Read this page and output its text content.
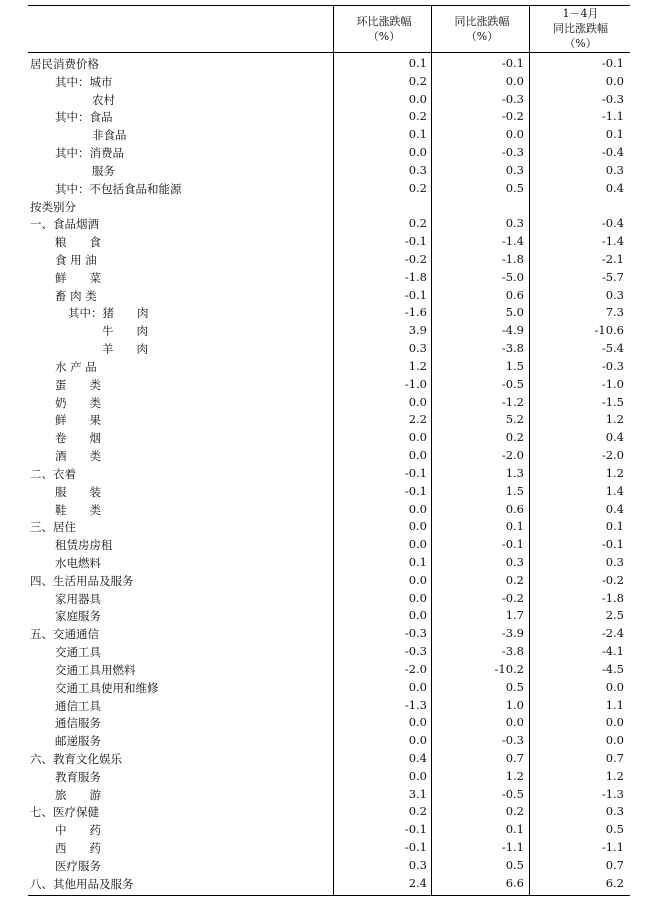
环比涨跌幅
（%）
同比涨跌幅
（%）
1－4月
同比涨跌幅
（%）
居民消费价格	0.1	-0.1	-0.1
其中：城市	0.2	0.0	0.0
农村	0.0	-0.3	-0.3
其中：食品	0.2	-0.2	-1.1
非食品	0.1	0.0	0.1
其中：消费品	0.0	-0.3	-0.4
服务	0.3	0.3	0.3
其中：不包括食品和能源	0.2	0.5	0.4
按类别分
一、食品烟酒	0.2	0.3	-0.4
粮　　食	-0.1	-1.4	-1.4
食 用 油	-0.2	-1.8	-2.1
鲜　　菜	-1.8	-5.0	-5.7
畜 肉 类	-0.1	0.6	0.3
其中：猪　　肉	-1.6	5.0	7.3
牛　　肉	3.9	-4.9	-10.6
羊　　肉	0.3	-3.8	-5.4
水 产 品	1.2	1.5	-0.3
蛋　　类	-1.0	-0.5	-1.0
奶　　类	0.0	-1.2	-1.5
鲜　　果	2.2	5.2	1.2
卷　　烟	0.0	0.2	0.4
酒　　类	0.0	-2.0	-2.0
二、衣着	-0.1	1.3	1.2
服　　装	-0.1	1.5	1.4
鞋　　类	0.0	0.6	0.4
三、居住	0.0	0.1	0.1
租赁房房租	0.0	-0.1	-0.1
水电燃料	0.1	0.3	0.3
四、生活用品及服务	0.0	0.2	-0.2
家用器具	0.0	-0.2	-1.8
家庭服务	0.0	1.7	2.5
五、交通通信	-0.3	-3.9	-2.4
交通工具	-0.3	-3.8	-4.1
交通工具用燃料	-2.0	-10.2	-4.5
交通工具使用和维修	0.0	0.5	0.0
通信工具	-1.3	1.0	1.1
通信服务	0.0	0.0	0.0
邮递服务	0.0	-0.3	0.0
六、教育文化娱乐	0.4	0.7	0.7
教育服务	0.0	1.2	1.2
旅　　游	3.1	-0.5	-1.3
七、医疗保健	0.2	0.2	0.3
中　　药	-0.1	0.1	0.5
西　　药	-0.1	-1.1	-1.1
医疗服务	0.3	0.5	0.7
八、其他用品及服务	2.4	6.6	6.2
